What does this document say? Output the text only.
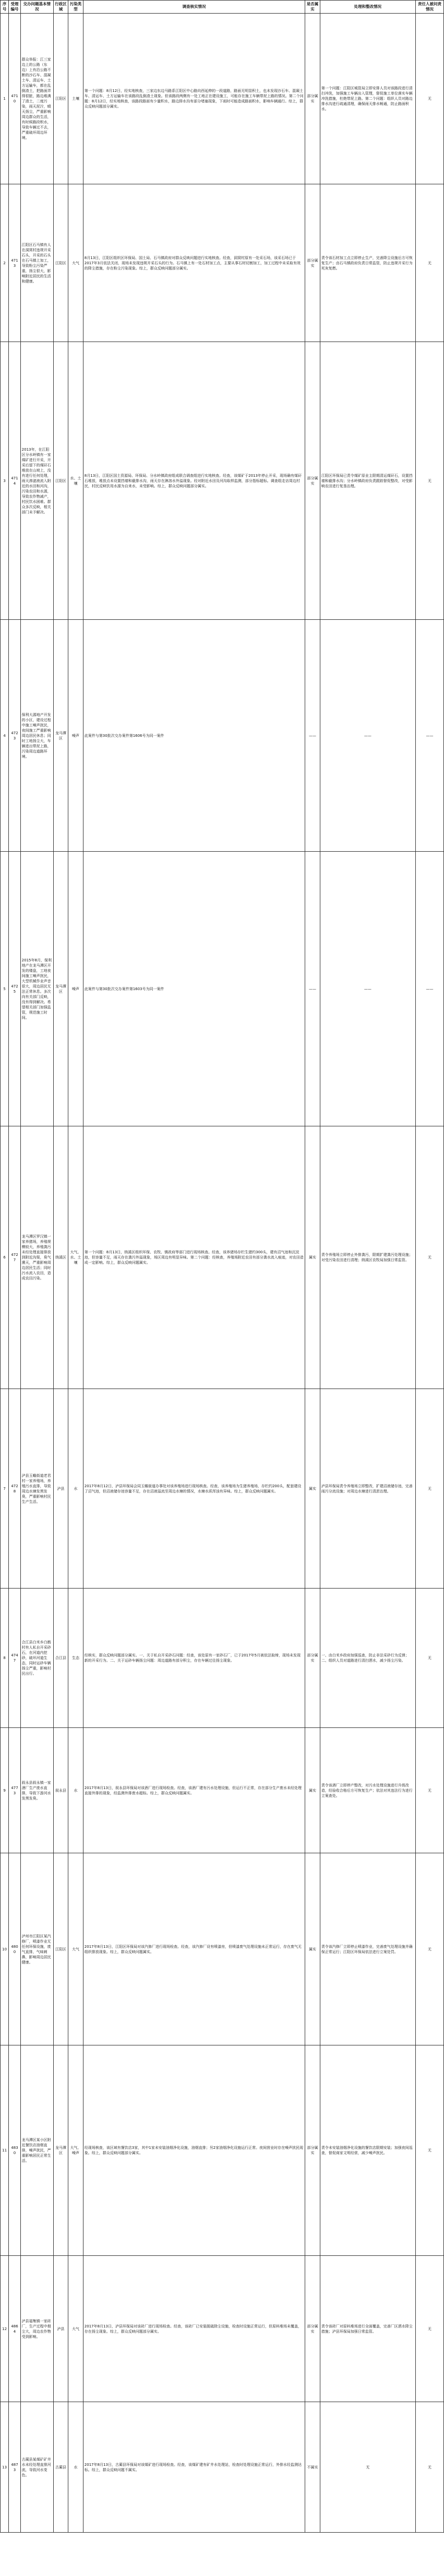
序号	受理编号	交办问题基本情况	行政区域	污染类型	调查核实情况	是否属实	处理和整改情况	责任人被问责情况
1	4710	群众举报：江三家边上的公路（东边）上有沿公路不断的沙石车、混凝土车、清运车、土方运输车，都在乱倒渣土，把路面弄得很脏，路边堆满了渣土，二度污染，雨天泥泞，晴天扬尘，严重影响周边群众的生活，有时候路段积水，导致车辆过不去，严重破坏周边环境。	江阳区	土壤	第一个问题：8月12日，经实地核查，三家边东边马路系江阳区中心路向西延伸的一段道路，路面无明显积土，也未发现沙石车、混凝土车、清运车、土方运输车在该路段乱倒渣土现象。但该路段两侧有一处工地正在建设施工，可能存在施工车辆带泥上路的情况。第二个问题：8月12日，经实地核查，该路段路面有少量积水，路边排水沟有部分堵塞现象，下雨时可能造成路面积水，影响车辆通行。综上，群众反映问题部分属实。	部分属实	第一个问题：江阳区城管局立即安排人员对该路段进行清扫冲洗，加强施工车辆出入管理，督促施工单位落实车辆冲洗措施，杜绝带泥上路。第二个问题：组织人员对路边排水沟进行疏通清理，确保雨天排水畅通，防止路面积水。	无
2	4713	江阳区石马镇有人在洞窝村违规开采石头，开采的石头在石马镇上加工，导致粉尘污染严重，扬尘很大，影响附近居民的生活和健康。	江阳区	大气	8月13日，江阳区组织区环保局、国土局、石马镇政府对群众反映问题进行实地核查。经查，洞窝村原有一处采石场，该采石场已于2017年3月依法关闭，现场未发现违规开采石头的行为。石马镇上有一处石材加工点，主要从事石材切割加工，加工过程中未采取有效的降尘措施，存在粉尘污染现象。综上，群众反映问题部分属实。	部分属实	责令该石材加工点立即停止生产，完善降尘设施后方可恢复生产；由石马镇政府负责日常监管，防止违规开采行为死灰复燃。	无
3	4714	2013年，在江阳区分水岭镇有一家煤矿进行开采，开采后留下的煤矸石堆放在山坡上，没有进行任何处理，雨天渗滤液流入附近的水田和河沟，污染农田和水源，导致农作物减产，村民饮水困难。群众多次反映，相关部门未予解决。	江阳区	水、土壤	8月13日，江阳区国土资源局、环保局、分水岭镇政府组成联合调查组进行实地核查。经查，该煤矿于2013年停止开采，现场确有煤矸石堆放，堆放点未设置挡墙和截排水沟，雨天存在淋溶水外溢现象。经对附近水田及河沟取样监测，部分指标超标。调查组走访周边村民，村民反映饮用水源为自来水，未受影响。综上，群众反映问题部分属实。	部分属实	江阳区环保局已责令煤矿原业主限期清运煤矸石，设置挡墙和截排水沟；分水岭镇政府负责跟踪督促整改，对受影响农田进行复垦治理。	无
4	4723	保利大源地产开发的小区，建设过程中施工噪声扰民，夜间施工严重影响周边居民休息；同时工地扬尘大，车辆进出带泥上路，污染周边道路环境。	龙马潭区	噪声	此案件与第30批次交办案件第1606号为同一案件	——	——	——
5	4725	2015年8月，保利地产在龙马潭区开发的楼盘，工地夜间施工噪声扰民，大型机械作业声音很大，周边居民无法正常休息。多次向有关部门反映，没有得到解决。希望相关部门加强监管，规范施工时间。	龙马潭区	噪声	此案件与第30批次交办案件第1603号为同一案件	——	——	——
6	4727	龙马潭区罗汉镇一家养猪场，养殖规模较大，养殖粪污未经处理直接排放到附近沟渠，臭气熏天，严重影响周边居民生活；同时污水流入农田，造成农田污染。	纳溪区	大气、水、土壤	第一个问题：8月13日，纳溪区组织环保、农牧、镇政府等部门进行现场核查。经查，该养猪场存栏生猪约300头，建有沼气池和沉淀池，但容量不足，雨天存在粪污外溢现象，场区周边有明显异味。第二个问题：经核查，养殖场附近农田有部分粪水流入痕迹，对农田造成一定影响。综上，群众反映问题属实。	属实	责令养殖场立即停止外排粪污，限期扩建粪污处理设施；对受污染农田进行清理；纳溪区农牧局加强日常监管。	无
7	4728	泸县玉蟾街道老君村一家养殖场，养殖污水直排，导致周边水塘发黑发臭，严重影响村民生产生活。	泸县	水	2017年8月12日，泸县环保局会同玉蟾街道办事处对该养殖场进行现场核查。经查，该养殖场为生猪养殖场，存栏约200头，配套建设了沼气池，但沼液储存池容量不足，存在沼液溢流至周边水塘的情况，水塘水质浑浊有异味。综上，群众反映问题属实。	属实	泸县环保局责令养殖场立即整改，扩建沼液储存池，完善雨污分流设施；对周边水塘进行清淤治理。	无
8	4747	合江县白米乡白鹤村有人私自开采砂石，在河道内挖砂，破坏河道生态，同时运砂车辆扬尘严重，影响村民出行。	合江县	生态	经核实，群众反映问题部分属实。一、关于私自开采砂石问题：经查，该处原有一家砂石厂，已于2017年5月被依法取缔，现场未发现新的开采行为。二、关于运砂车辆扬尘问题：周边道路有部分积尘，存在车辆过往扬尘现象。	部分属实	一、由白米乡政府加强巡查，防止非法采砂行为反弹；二、组织人员对道路进行清扫洒水，减少扬尘污染。	无
9	4773	叙永县叙永镇一家酒厂生产废水直排，导致下游河水发黑发臭。	叙永县	水	2017年8月13日，叙永县环保局对该酒厂进行现场检查。经查，该酒厂建有污水处理设施，但运行不正常，存在部分生产废水未经处理直接外排的现象，经监测外排废水超标。综上，群众反映问题属实。	属实	责令该酒厂立即停产整改，对污水处理设施进行升级改造，经验收合格后方可恢复生产；依法对其违法行为进行立案查处。	无
10	4800	泸州市江阳区某汽修厂，喷漆作业无任何环保设施，废气直排，气味刺鼻，影响周边居民健康。	江阳区	大气	2017年8月13日，江阳区环保局对该汽修厂进行现场检查。经查，该汽修厂设有喷漆房，但喷漆废气处理设施未正常运行，存在废气无组织排放现象。综上，群众反映问题属实。	属实	责令该汽修厂立即停止喷漆作业，完善废气处理设施并确保正常运行；江阳区环保局依法进行立案处罚。	无
11	4830	龙马潭区某小区附近餐饮店油烟直排，噪声扰民，严重影响居民正常生活。	龙马潭区	大气、噪声	经现场核查，该区域有餐饮店3家，其中1家未安装油烟净化设施，油烟直排；另2家油烟净化设施运行正常。夜间营业时存在噪声扰民现象。综上，群众反映问题部分属实。	部分属实	责令未安装油烟净化设施的餐饮店限期安装；加强夜间巡查，督促商家文明经营，减少噪声扰民。	无
12	4864	泸县福集镇一家砖厂，生产过程中烟尘大，周边农作物受到影响。	泸县	大气	2017年8月13日，泸县环保局对该砖厂进行现场检查。经查，该砖厂已安装脱硫除尘设施，检查时设施正常运行，但原料堆场未覆盖，存在扬尘现象。综上，群众反映问题部分属实。	部分属实	责令该砖厂对原料堆场进行全面覆盖，完善厂区洒水降尘措施；泸县环保局加强日常监管。	无
13	4873	古蔺县某煤矿矿井水未经处理直排河流，导致河水变色。	古蔺县	水	2017年8月13日，古蔺县环保局对该煤矿进行现场检查。经查，该煤矿建有矿井水处理站，检查时处理设施正常运行，外排水经监测达标。综上，群众反映问题不属实。	不属实	无	无
